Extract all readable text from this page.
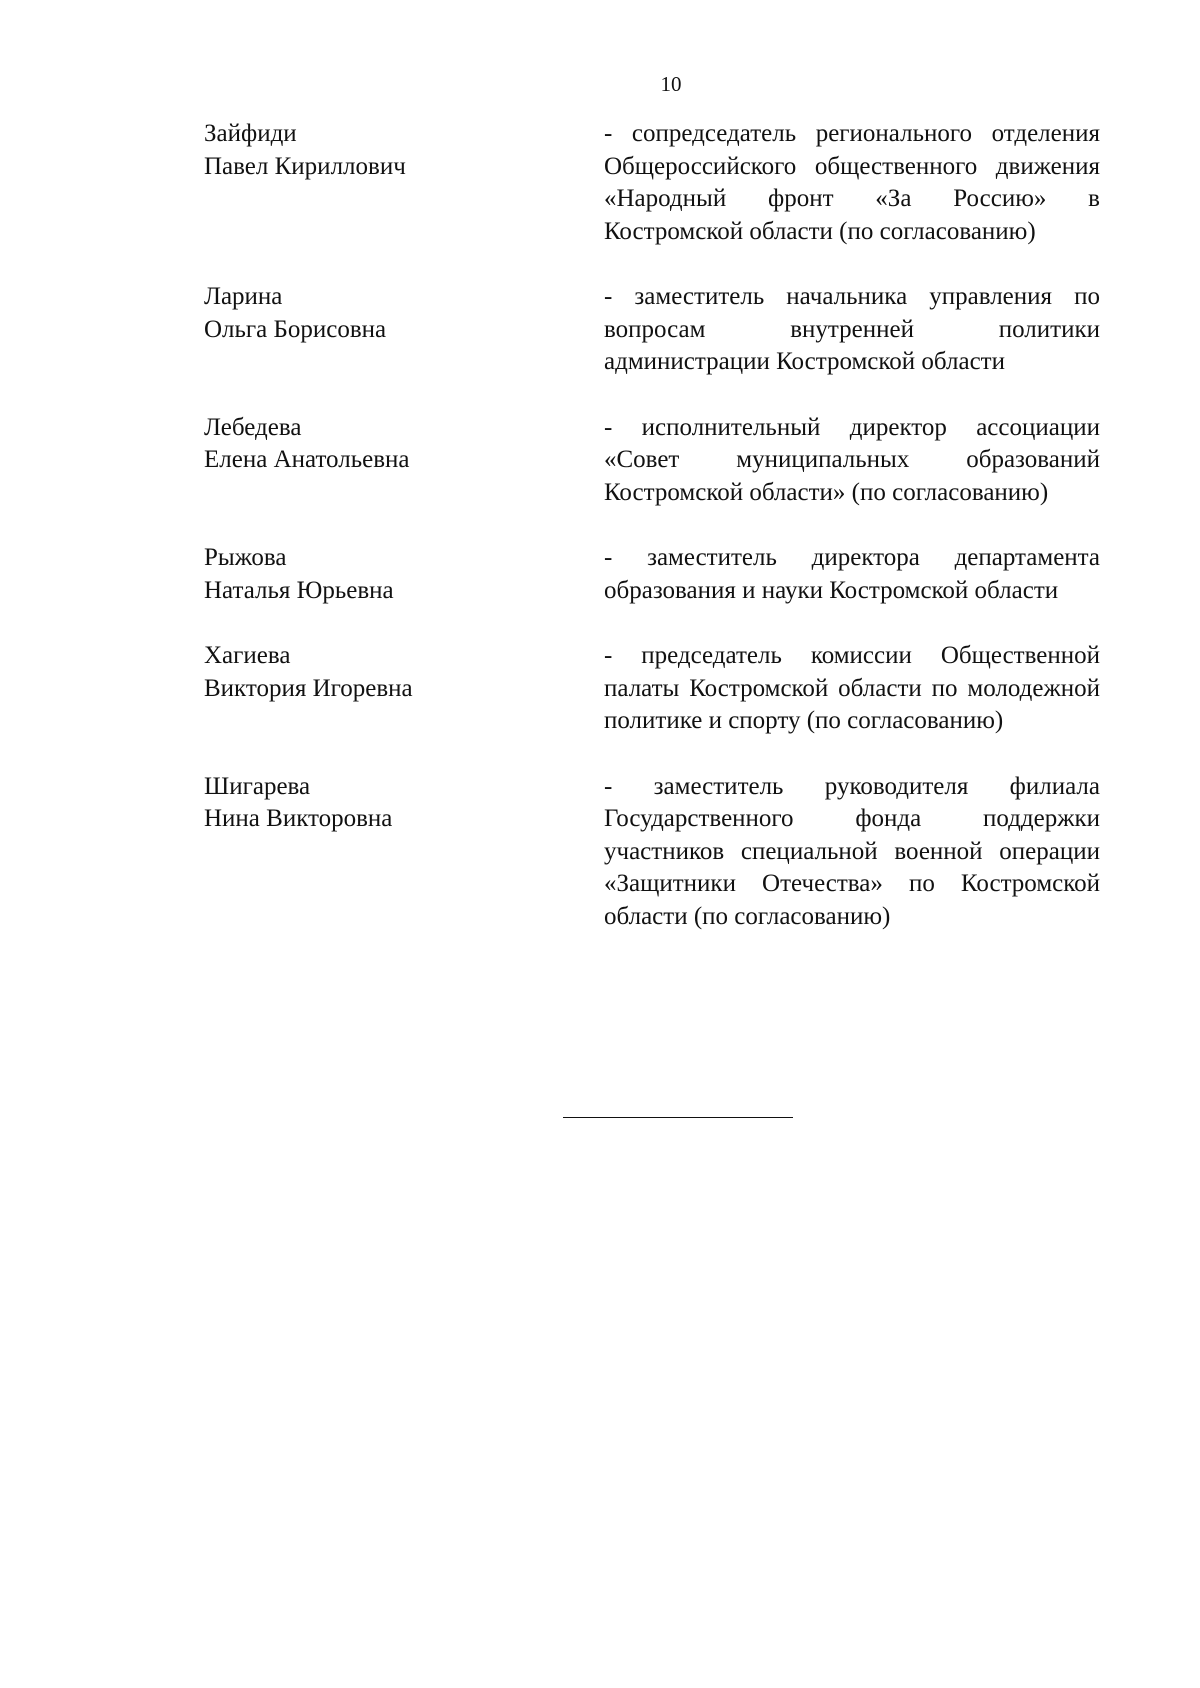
10
Зайфиди
Павел Кириллович
- сопредседатель регионального отделения Общероссийского общественного движения «Народный фронт «За Россию» в Костромской области (по согласованию)
Ларина
Ольга Борисовна
- заместитель начальника управления по вопросам внутренней политики администрации Костромской области
Лебедева
Елена Анатольевна
- исполнительный директор ассоциации «Совет муниципальных образований Костромской области» (по согласованию)
Рыжова
Наталья Юрьевна
- заместитель директора департамента образования и науки Костромской области
Хагиева
Виктория Игоревна
- председатель комиссии Общественной палаты Костромской области по молодежной политике и спорту (по согласованию)
Шигарева
Нина Викторовна
- заместитель руководителя филиала Государственного фонда поддержки участников специальной военной операции «Защитники Отечества» по Костромской области (по согласованию)
